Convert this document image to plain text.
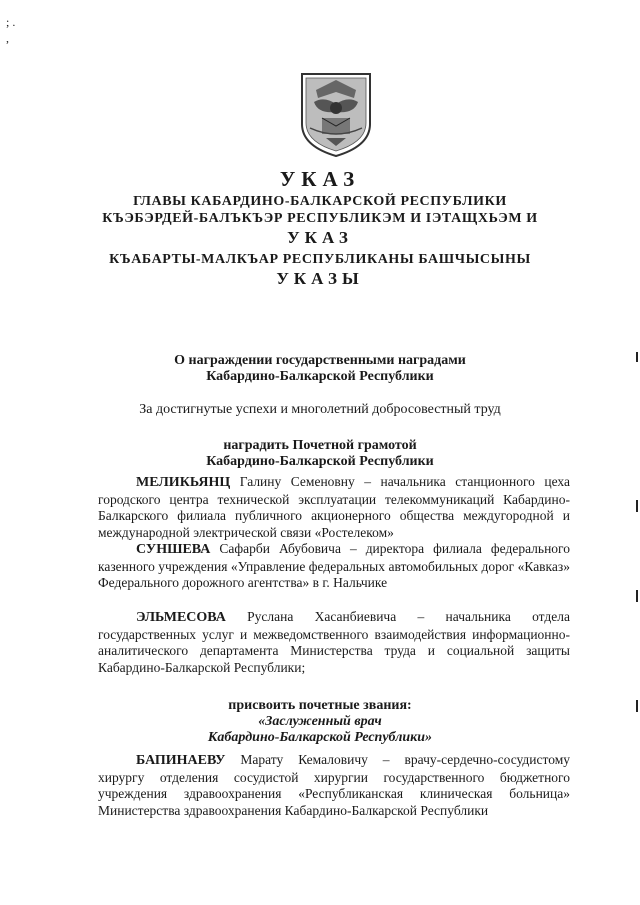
; .
,
УКАЗ
ГЛАВЫ КАБАРДИНО-БАЛКАРСКОЙ РЕСПУБЛИКИ
КЪЭБЭРДЕЙ-БАЛЪКЪЭР РЕСПУБЛИКЭМ И IЭТАЩХЬЭМ И
УКАЗ
КЪАБАРТЫ-МАЛКЪАР РЕСПУБЛИКАНЫ БАШЧЫСЫНЫ
УКАЗЫ
О награждении государственными наградами
Кабардино-Балкарской Республики
За достигнутые успехи и многолетний добросовестный труд
наградить Почетной грамотой
Кабардино-Балкарской Республики
МЕЛИКЬЯНЦ Галину Семеновну – начальника станционного цеха городского центра технической эксплуатации телекоммуникаций Кабардино-Балкарского филиала публичного акционерного общества междугородной и международной электрической связи «Ростелеком»
СУНШЕВА Сафарби Абубовича – директора филиала федерального казенного учреждения «Управление федеральных автомобильных дорог «Кавказ» Федерального дорожного агентства» в г. Нальчике
ЭЛЬМЕСОВА Руслана Хасанбиевича – начальника отдела государственных услуг и межведомственного взаимодействия информационно-аналитического департамента Министерства труда и социальной защиты Кабардино-Балкарской Республики;
присвоить почетные звания:
«Заслуженный врач
Кабардино-Балкарской Республики»
БАПИНАЕВУ Марату Кемаловичу – врачу-сердечно-сосудистому хирургу отделения сосудистой хирургии государственного бюджетного учреждения здравоохранения «Республиканская клиническая больница» Министерства здравоохранения Кабардино-Балкарской Республики
